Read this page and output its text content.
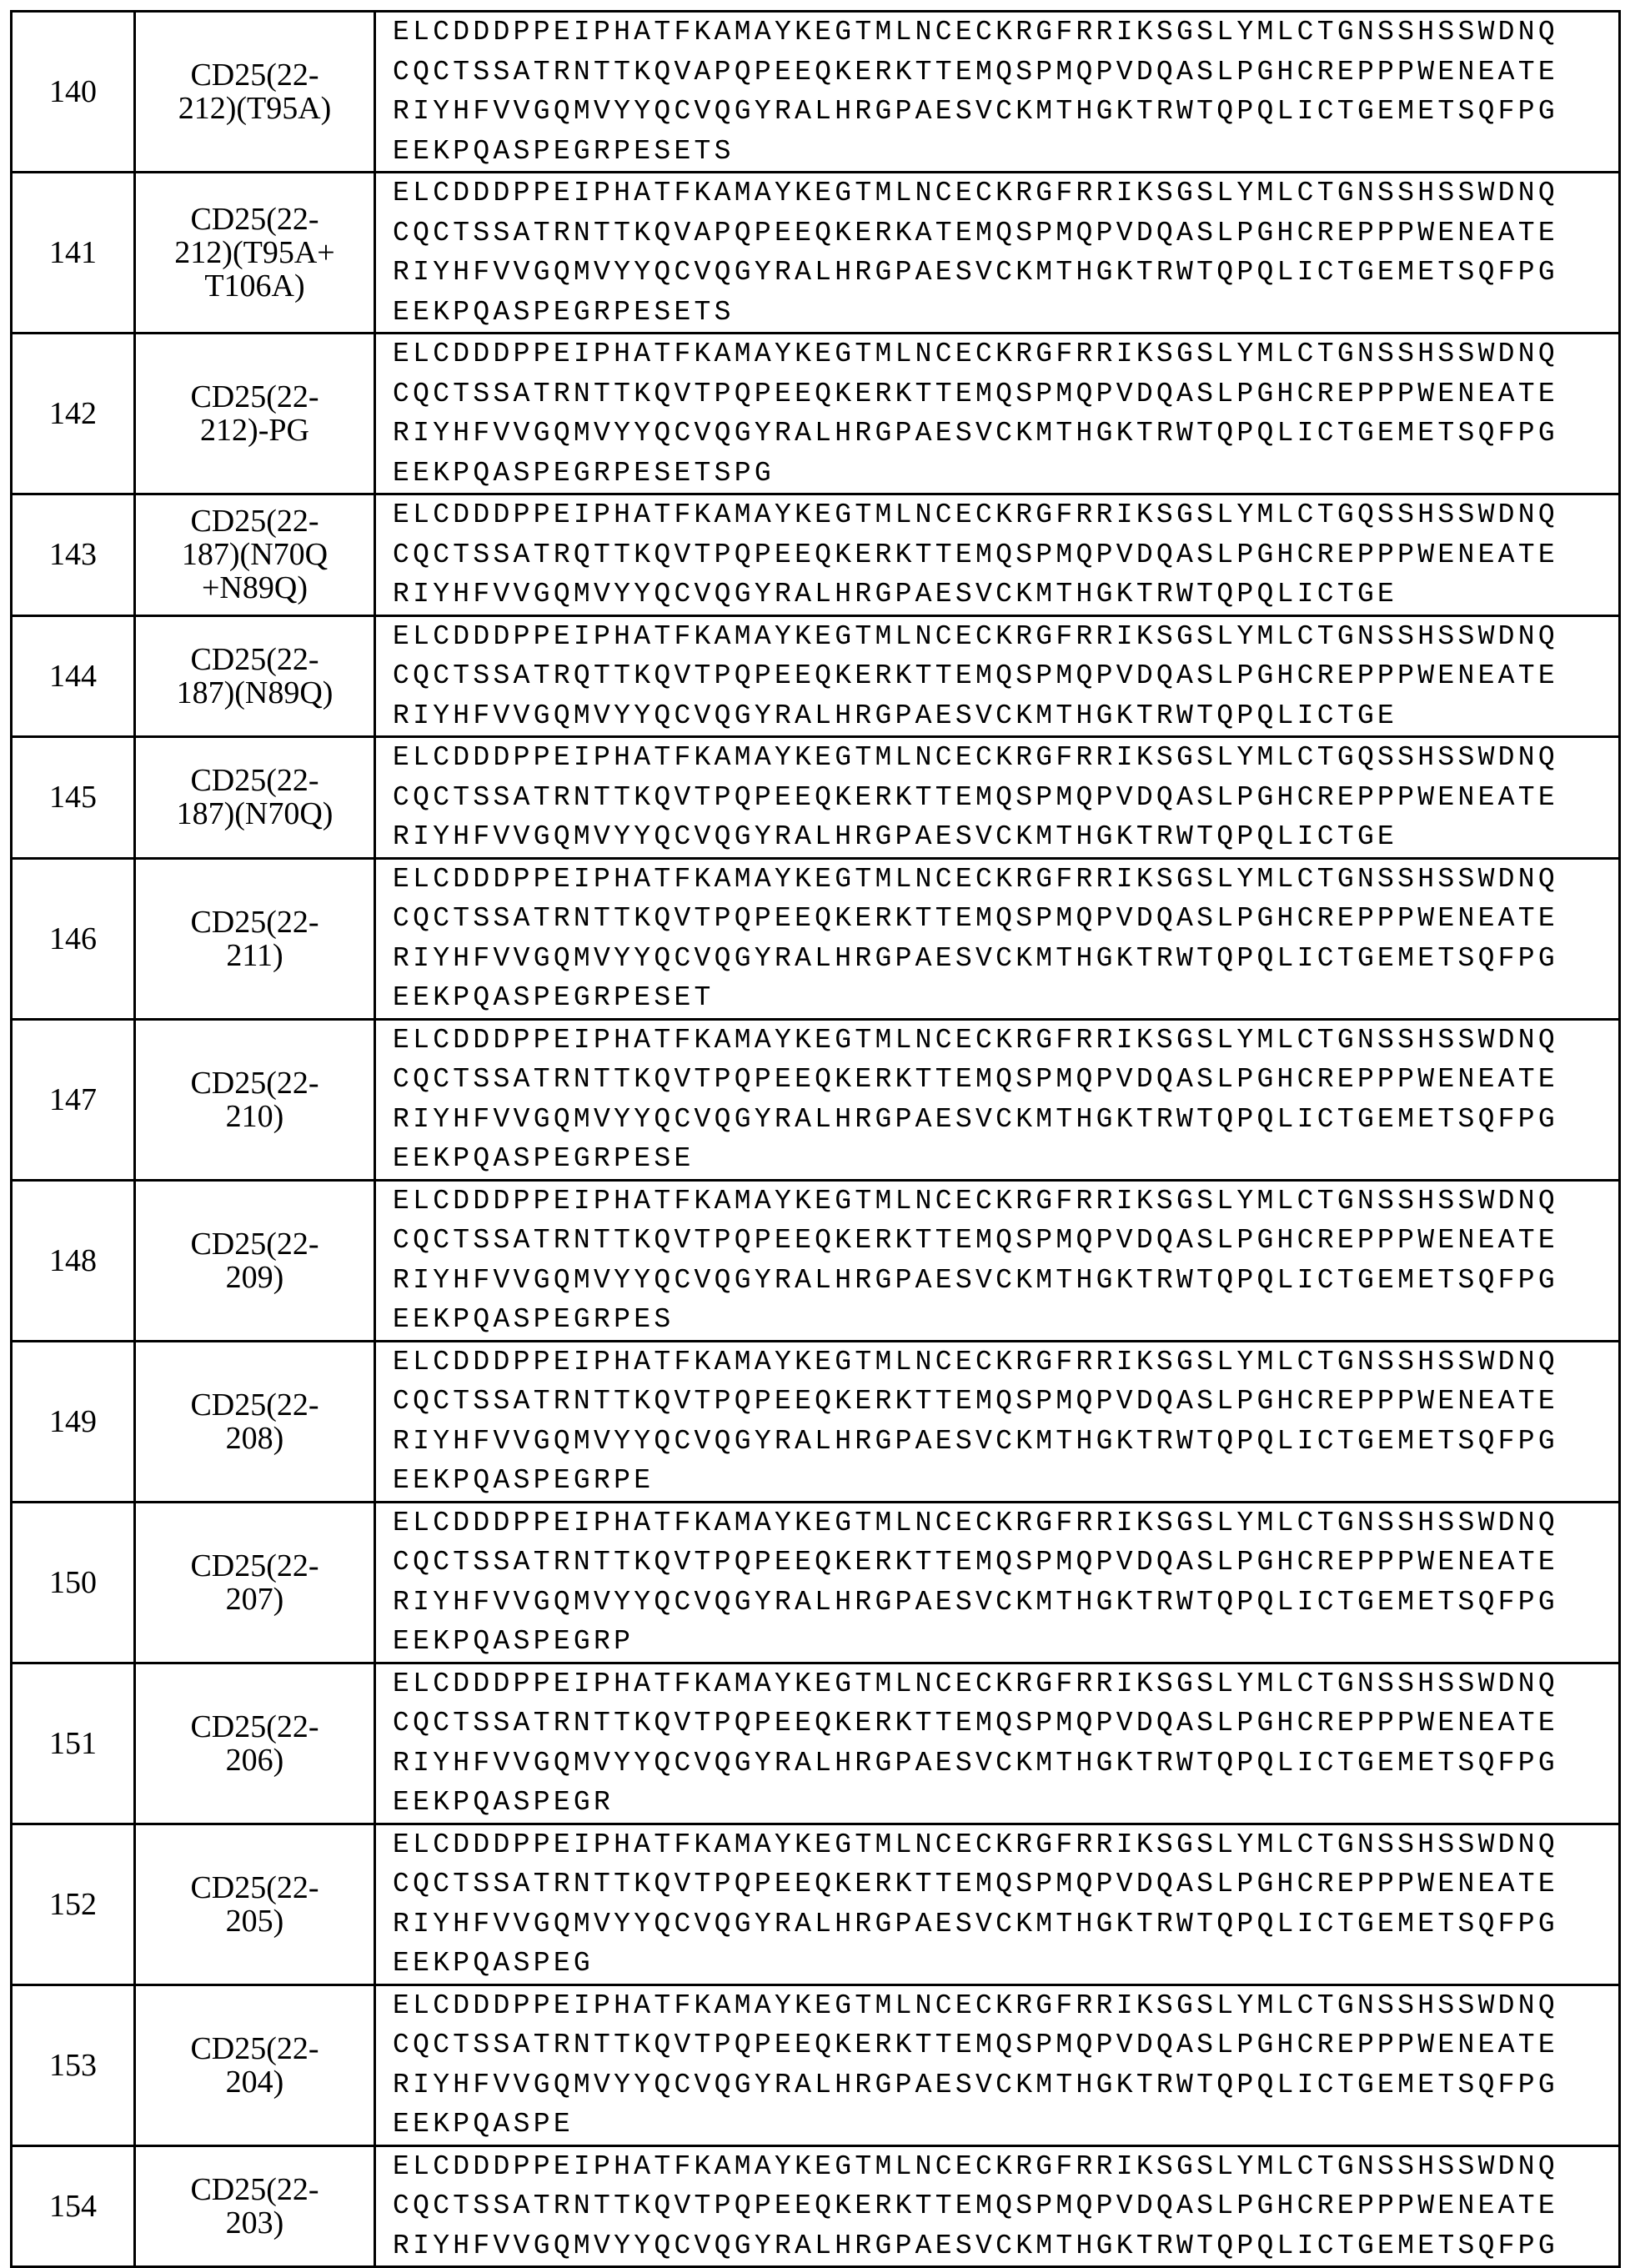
140	CD25(22-
212)(T95A)

ELCDDDPPEIPHATFKAMAYKEGTMLNCECKRGFRRIKSGSLYMLCTGNSSHSSWDNQ
CQCTSSATRNTTKQVAPQPEEQKERKTTEMQSPMQPVDQASLPGHCREPPPWENEATE
RIYHFVVGQMVYYQCVQGYRALHRGPAESVCKMTHGKTRWTQPQLICTGEMETSQFPG
EEKPQASPEGRPESETS

141	
CD25(22-
212)(T95A+
T106A)

ELCDDDPPEIPHATFKAMAYKEGTMLNCECKRGFRRIKSGSLYMLCTGNSSHSSWDNQ
CQCTSSATRNTTKQVAPQPEEQKERKATEMQSPMQPVDQASLPGHCREPPPWENEATE
RIYHFVVGQMVYYQCVQGYRALHRGPAESVCKMTHGKTRWTQPQLICTGEMETSQFPG
EEKPQASPEGRPESETS

142	CD25(22-
212)-PG

ELCDDDPPEIPHATFKAMAYKEGTMLNCECKRGFRRIKSGSLYMLCTGNSSHSSWDNQ
CQCTSSATRNTTKQVTPQPEEQKERKTTEMQSPMQPVDQASLPGHCREPPPWENEATE
RIYHFVVGQMVYYQCVQGYRALHRGPAESVCKMTHGKTRWTQPQLICTGEMETSQFPG
EEKPQASPEGRPESETSPG

143	
CD25(22-
187)(N70Q
+N89Q)

ELCDDDPPEIPHATFKAMAYKEGTMLNCECKRGFRRIKSGSLYMLCTGQSSHSSWDNQ
CQCTSSATRQTTKQVTPQPEEQKERKTTEMQSPMQPVDQASLPGHCREPPPWENEATE
RIYHFVVGQMVYYQCVQGYRALHRGPAESVCKMTHGKTRWTQPQLICTGE

144	CD25(22-
187)(N89Q)

ELCDDDPPEIPHATFKAMAYKEGTMLNCECKRGFRRIKSGSLYMLCTGNSSHSSWDNQ
CQCTSSATRQTTKQVTPQPEEQKERKTTEMQSPMQPVDQASLPGHCREPPPWENEATE
RIYHFVVGQMVYYQCVQGYRALHRGPAESVCKMTHGKTRWTQPQLICTGE

145	CD25(22-
187)(N70Q)

ELCDDDPPEIPHATFKAMAYKEGTMLNCECKRGFRRIKSGSLYMLCTGQSSHSSWDNQ
CQCTSSATRNTTKQVTPQPEEQKERKTTEMQSPMQPVDQASLPGHCREPPPWENEATE
RIYHFVVGQMVYYQCVQGYRALHRGPAESVCKMTHGKTRWTQPQLICTGE

146	CD25(22-
211)

ELCDDDPPEIPHATFKAMAYKEGTMLNCECKRGFRRIKSGSLYMLCTGNSSHSSWDNQ
CQCTSSATRNTTKQVTPQPEEQKERKTTEMQSPMQPVDQASLPGHCREPPPWENEATE
RIYHFVVGQMVYYQCVQGYRALHRGPAESVCKMTHGKTRWTQPQLICTGEMETSQFPG
EEKPQASPEGRPESET

147	CD25(22-
210)

ELCDDDPPEIPHATFKAMAYKEGTMLNCECKRGFRRIKSGSLYMLCTGNSSHSSWDNQ
CQCTSSATRNTTKQVTPQPEEQKERKTTEMQSPMQPVDQASLPGHCREPPPWENEATE
RIYHFVVGQMVYYQCVQGYRALHRGPAESVCKMTHGKTRWTQPQLICTGEMETSQFPG
EEKPQASPEGRPESE

148	CD25(22-
209)

ELCDDDPPEIPHATFKAMAYKEGTMLNCECKRGFRRIKSGSLYMLCTGNSSHSSWDNQ
CQCTSSATRNTTKQVTPQPEEQKERKTTEMQSPMQPVDQASLPGHCREPPPWENEATE
RIYHFVVGQMVYYQCVQGYRALHRGPAESVCKMTHGKTRWTQPQLICTGEMETSQFPG
EEKPQASPEGRPES

149	CD25(22-
208)

ELCDDDPPEIPHATFKAMAYKEGTMLNCECKRGFRRIKSGSLYMLCTGNSSHSSWDNQ
CQCTSSATRNTTKQVTPQPEEQKERKTTEMQSPMQPVDQASLPGHCREPPPWENEATE
RIYHFVVGQMVYYQCVQGYRALHRGPAESVCKMTHGKTRWTQPQLICTGEMETSQFPG
EEKPQASPEGRPE

150	CD25(22-
207)

ELCDDDPPEIPHATFKAMAYKEGTMLNCECKRGFRRIKSGSLYMLCTGNSSHSSWDNQ
CQCTSSATRNTTKQVTPQPEEQKERKTTEMQSPMQPVDQASLPGHCREPPPWENEATE
RIYHFVVGQMVYYQCVQGYRALHRGPAESVCKMTHGKTRWTQPQLICTGEMETSQFPG
EEKPQASPEGRP

151	CD25(22-
206)

ELCDDDPPEIPHATFKAMAYKEGTMLNCECKRGFRRIKSGSLYMLCTGNSSHSSWDNQ
CQCTSSATRNTTKQVTPQPEEQKERKTTEMQSPMQPVDQASLPGHCREPPPWENEATE
RIYHFVVGQMVYYQCVQGYRALHRGPAESVCKMTHGKTRWTQPQLICTGEMETSQFPG
EEKPQASPEGR

152	CD25(22-
205)

ELCDDDPPEIPHATFKAMAYKEGTMLNCECKRGFRRIKSGSLYMLCTGNSSHSSWDNQ
CQCTSSATRNTTKQVTPQPEEQKERKTTEMQSPMQPVDQASLPGHCREPPPWENEATE
RIYHFVVGQMVYYQCVQGYRALHRGPAESVCKMTHGKTRWTQPQLICTGEMETSQFPG
EEKPQASPEG

153	CD25(22-
204)

ELCDDDPPEIPHATFKAMAYKEGTMLNCECKRGFRRIKSGSLYMLCTGNSSHSSWDNQ
CQCTSSATRNTTKQVTPQPEEQKERKTTEMQSPMQPVDQASLPGHCREPPPWENEATE
RIYHFVVGQMVYYQCVQGYRALHRGPAESVCKMTHGKTRWTQPQLICTGEMETSQFPG
EEKPQASPE

154	CD25(22-
203)

ELCDDDPPEIPHATFKAMAYKEGTMLNCECKRGFRRIKSGSLYMLCTGNSSHSSWDNQ
CQCTSSATRNTTKQVTPQPEEQKERKTTEMQSPMQPVDQASLPGHCREPPPWENEATE
RIYHFVVGQMVYYQCVQGYRALHRGPAESVCKMTHGKTRWTQPQLICTGEMETSQFPG
